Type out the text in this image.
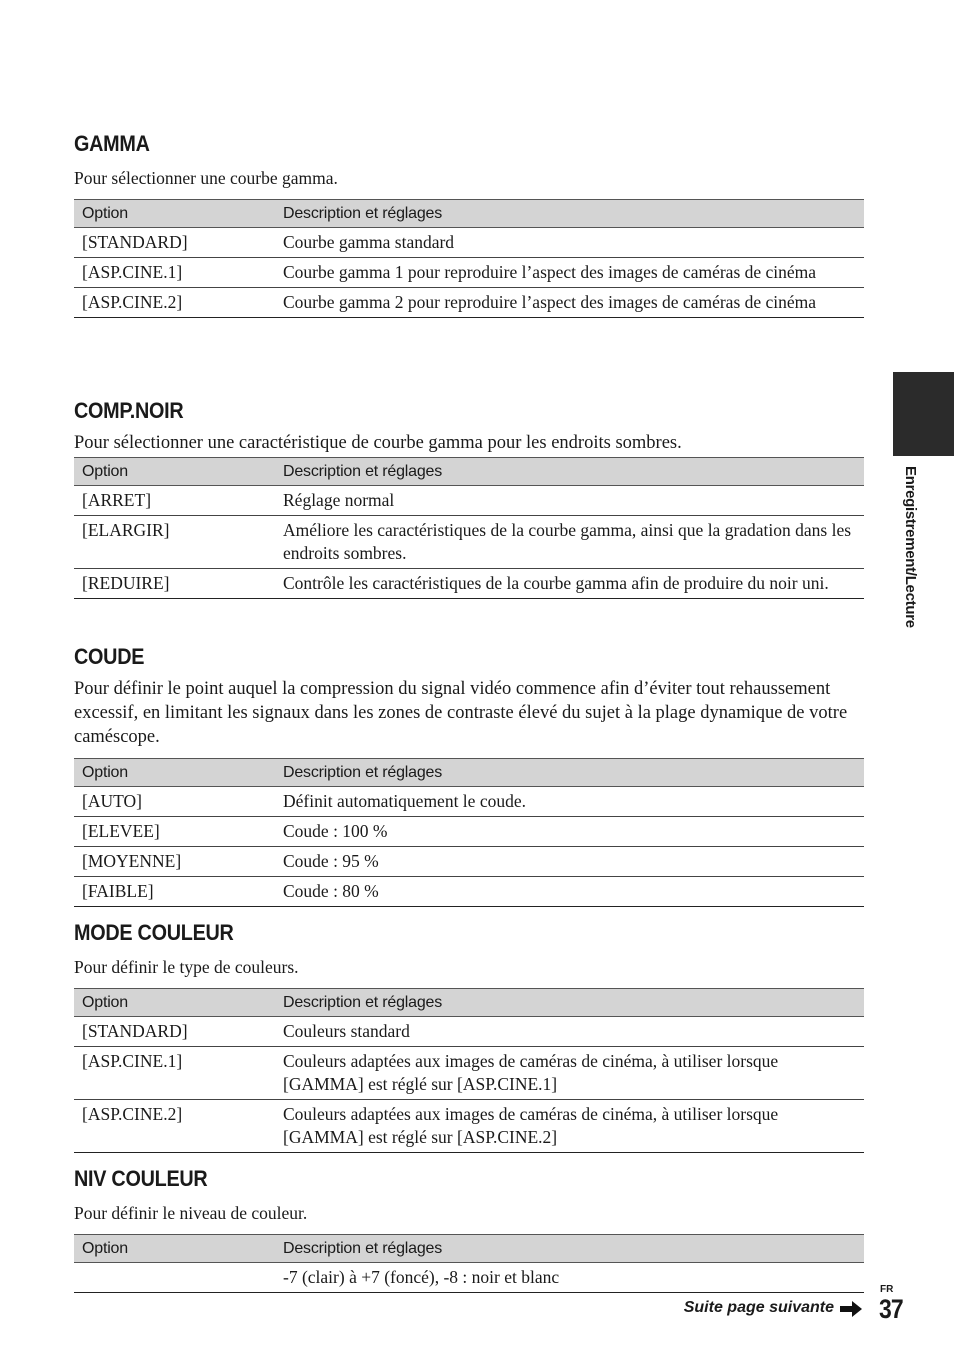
GAMMA

Pour sélectionner une courbe gamma.

Option	Description et réglages
[STANDARD]	Courbe gamma standard
[ASP.CINE.1]	Courbe gamma 1 pour reproduire l’aspect des images de caméras de cinéma
[ASP.CINE.2]	Courbe gamma 2 pour reproduire l’aspect des images de caméras de cinéma
COMP.NOIR

Pour sélectionner une caractéristique de courbe gamma pour les endroits sombres.

Option	Description et réglages
[ARRET]	Réglage normal
[ELARGIR]	Améliore les caractéristiques de la courbe gamma, ainsi que la gradation dans les endroits sombres.
[REDUIRE]	Contrôle les caractéristiques de la courbe gamma afin de produire du noir uni.
COUDE

Pour définir le point auquel la compression du signal vidéo commence afin d’éviter tout rehaussement excessif, en limitant les signaux dans les zones de contraste élevé du sujet à la plage dynamique de votre caméscope.

Option	Description et réglages
[AUTO]	Définit automatiquement le coude.
[ELEVEE]	Coude : 100 %
[MOYENNE]	Coude : 95 %
[FAIBLE]	Coude : 80 %
MODE COULEUR

Pour définir le type de couleurs.

Option	Description et réglages
[STANDARD]	Couleurs standard
[ASP.CINE.1]	Couleurs adaptées aux images de caméras de cinéma, à utiliser lorsque [GAMMA] est réglé sur [ASP.CINE.1]
[ASP.CINE.2]	Couleurs adaptées aux images de caméras de cinéma, à utiliser lorsque [GAMMA] est réglé sur [ASP.CINE.2]
NIV COULEUR

Pour définir le niveau de couleur.

Option	Description et réglages
	-7 (clair) à +7 (foncé), -8 : noir et blanc
Enregistrement/Lecture
Suite page suivante
FR
37
